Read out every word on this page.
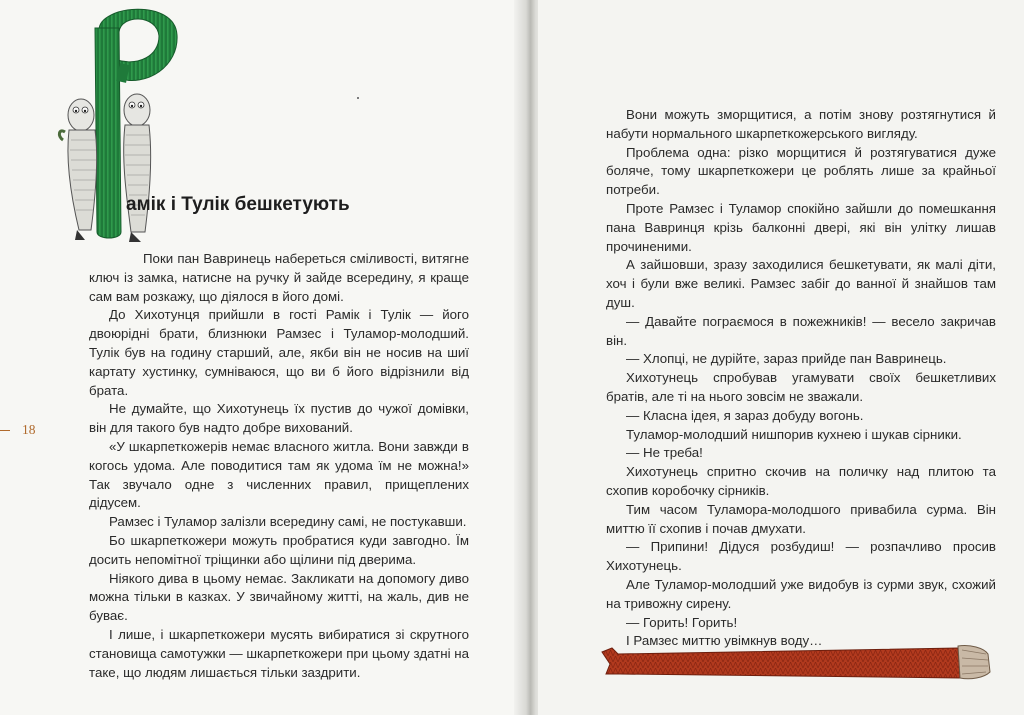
амік і Тулік бешкетують

Поки пан Вавринець набереться сміливості, витягне ключ із замка, натисне на ручку й зайде всередину, я краще сам вам розкажу, що діялося в його домі.

До Хихотунця прийшли в гості Рамік і Тулік — його двоюрідні брати, близнюки Рамзес і Туламор-молодший. Тулік був на годину старший, але, якби він не носив на шиї картату хустинку, сумніваюся, що ви б його відрізнили від брата.

Не думайте, що Хихотунець їх пустив до чужої домівки, він для такого був надто добре вихований.

«У шкарпеткожерів немає власного житла. Вони завжди в когось удома. Але поводитися там як удома їм не можна!» Так звучало одне з численних правил, прищеплених дідусем.

Рамзес і Туламор залізли всередину самі, не постукавши.

Бо шкарпеткожери можуть пробратися куди завгодно. Їм досить непомітної тріщинки або щілини під дверима.

Ніякого дива в цьому немає. Закликати на допомогу диво можна тільки в казках. У звичайному житті, на жаль, див не буває.

І лише, і шкарпеткожери мусять вибиратися зі скрутного становища самотужки — шкарпеткожери при цьому здатні на таке, що людям лишається тільки заздрити.

18

Вони можуть зморщитися, а потім знову розтягнутися й набути нормального шкарпеткожерського вигляду.

Проблема одна: різко морщитися й розтягуватися дуже боляче, тому шкарпеткожери це роблять лише за крайньої потреби.

Проте Рамзес і Туламор спокійно зайшли до помешкання пана Вавринця крізь балконні двері, які він улітку лишав прочиненими.

А зайшовши, зразу заходилися бешкетувати, як малі діти, хоч і були вже великі. Рамзес забіг до ванної й знайшов там душ.

— Давайте пограємося в пожежників! — весело закричав він.

— Хлопці, не дурійте, зараз прийде пан Вавринець.

Хихотунець спробував угамувати своїх бешкетливих братів, але ті на нього зовсім не зважали.

— Класна ідея, я зараз добуду вогонь.

Туламор-молодший нишпорив кухнею і шукав сірники.

— Не треба!

Хихотунець спритно скочив на поличку над плитою та схопив коробочку сірників.

Тим часом Туламора-молодшого привабила сурма. Він миттю її схопив і почав дмухати.

— Припини! Дідуся розбудиш! — розпачливо просив Хихотунець.

Але Туламор-молодший уже видобув із сурми звук, схожий на тривожну сирену.

— Горить! Горить!

І Рамзес миттю увімкнув воду…
